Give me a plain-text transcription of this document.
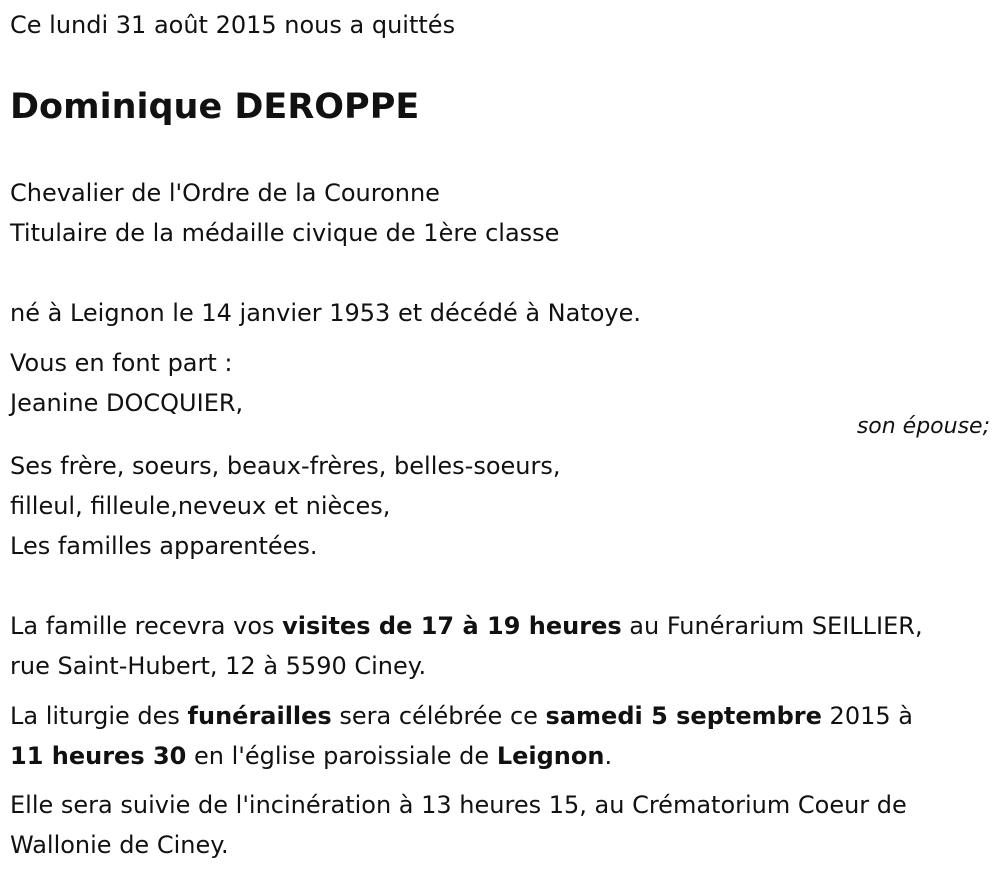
Ce lundi 31 août 2015 nous a quittés
Dominique DEROPPE
Chevalier de l'Ordre de la Couronne
Titulaire de la médaille civique de 1ère classe
né à Leignon le 14 janvier 1953 et décédé à Natoye.
Vous en font part :
Jeanine DOCQUIER,
son épouse;
Ses frère, soeurs, beaux-frères, belles-soeurs,
filleul, filleule,neveux et nièces,
Les familles apparentées.
La famille recevra vos visites de 17 à 19 heures au Funérarium SEILLIER,
rue Saint-Hubert, 12 à 5590 Ciney.
La liturgie des funérailles sera célébrée ce samedi 5 septembre 2015 à
11 heures 30 en l'église paroissiale de Leignon.
Elle sera suivie de l'incinération à 13 heures 15, au Crématorium Coeur de
Wallonie de Ciney.
